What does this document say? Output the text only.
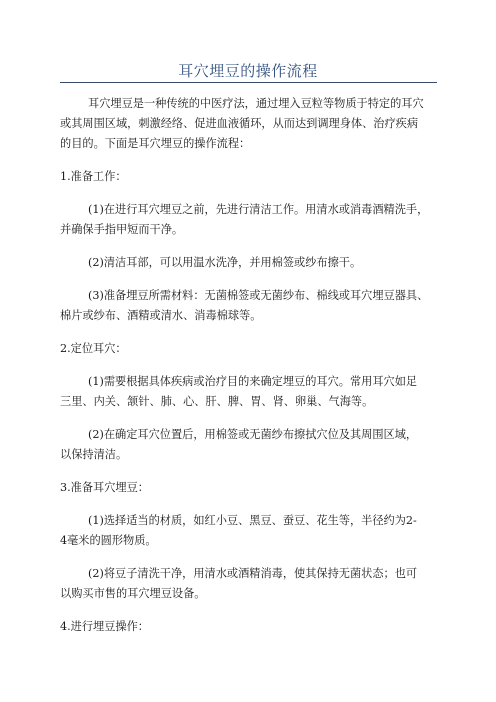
耳穴埋豆的操作流程
耳穴埋豆是一种传统的中医疗法，通过埋入豆粒等物质于特定的耳穴
或其周围区域，刺激经络、促进血液循环，从而达到调理身体、治疗疾病
的目的。下面是耳穴埋豆的操作流程：
1.准备工作：
(1)在进行耳穴埋豆之前，先进行清洁工作。用清水或消毒酒精洗手，
并确保手指甲短而干净。
(2)清洁耳部，可以用温水洗净，并用棉签或纱布擦干。
(3)准备埋豆所需材料：无菌棉签或无菌纱布、棉线或耳穴埋豆器具、
棉片或纱布、酒精或清水、消毒棉球等。
2.定位耳穴：
(1)需要根据具体疾病或治疗目的来确定埋豆的耳穴。常用耳穴如足
三里、内关、颔针、肺、心、肝、脾、胃、肾、卵巢、气海等。
(2)在确定耳穴位置后，用棉签或无菌纱布擦拭穴位及其周围区域，
以保持清洁。
3.准备耳穴埋豆：
(1)选择适当的材质，如红小豆、黑豆、蚕豆、花生等，半径约为2-
4毫米的圆形物质。
(2)将豆子清洗干净，用清水或酒精消毒，使其保持无菌状态；也可
以购买市售的耳穴埋豆设备。
4.进行埋豆操作：
